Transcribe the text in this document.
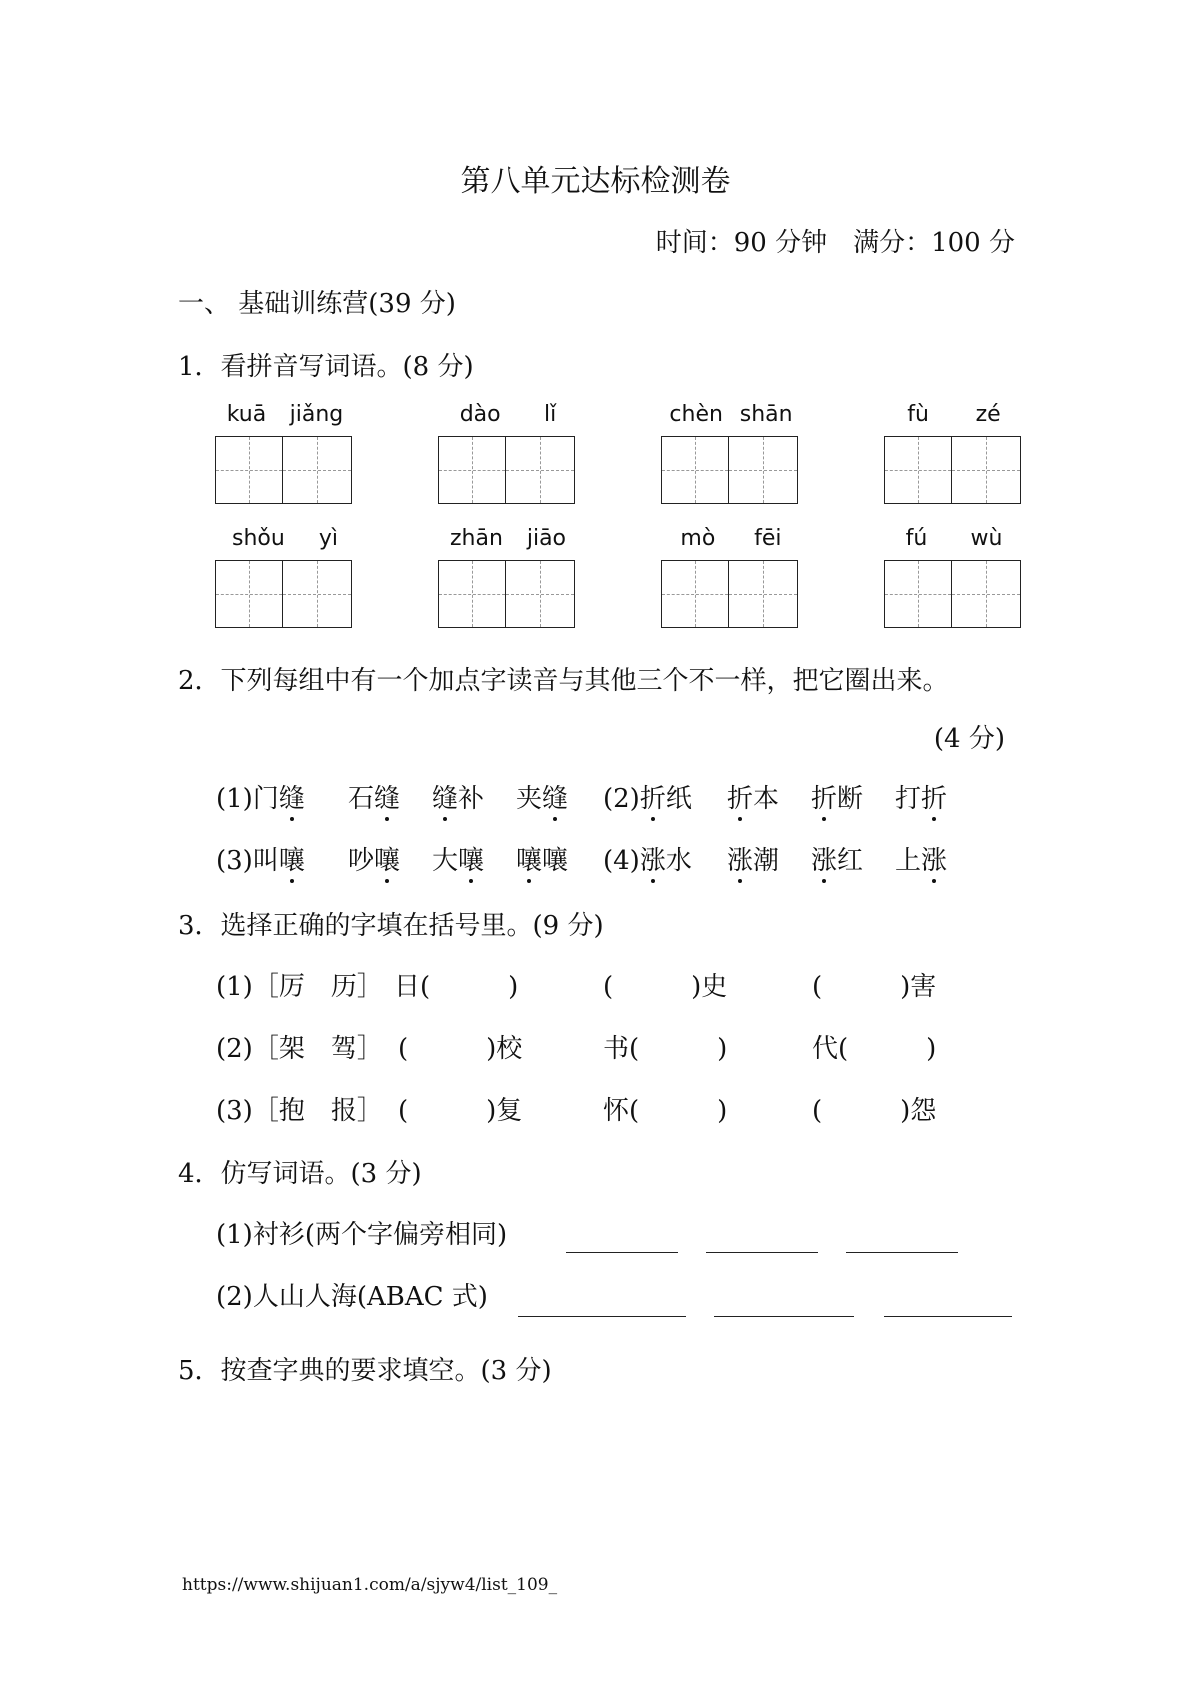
第八单元达标检测卷
时间：90 分钟　满分：100 分
一、 基础训练营(39 分)
1．看拼音写词语。(8 分)
kuā jiǎng	dào lǐ	chèn shān	fù zé
shǒu yì	zhān jiāo	mò fēi	fú wù
2．下列每组中有一个加点字读音与其他三个不一样，把它圈出来。
(4 分)
(1)门缝 石缝 缝补 夹缝 (2)折纸 折本 折断 打折
(3)叫嚷 吵嚷 大嚷 嚷嚷 (4)涨水 涨潮 涨红 上涨
3．选择正确的字填在括号里。(9 分)
(1)［厉　历］ 日(　　　)	(　　　)史	(　　　)害
(2)［架　驾］ (　　　)校	书(　　　)	代(　　　)
(3)［抱　报］ (　　　)复	怀(　　　)	(　　　)怨
4．仿写词语。(3 分)
(1)衬衫(两个字偏旁相同)
(2)人山人海(ABAC 式)
5．按查字典的要求填空。(3 分)
https://www.shijuan1.com/a/sjyw4/list_109_
